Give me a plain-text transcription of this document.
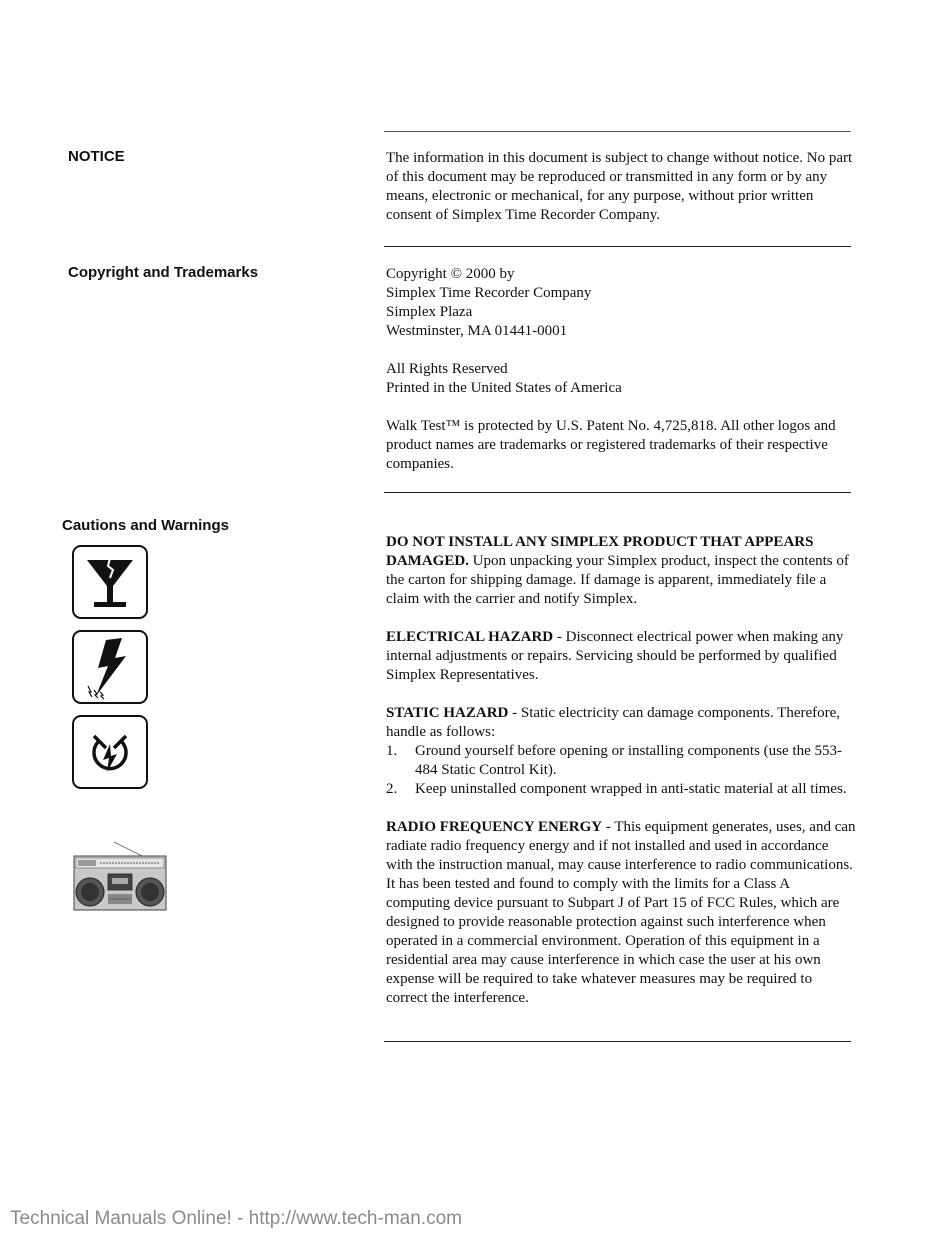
NOTICE	The information in this document is subject to change without notice. No part of this document may be reproduced or transmitted in any form or by any means, electronic or mechanical, for any purpose, without prior written consent of Simplex Time Recorder Company.

Copyright and Trademarks	Copyright © 2000 by

Simplex Time Recorder Company

Simplex Plaza

Westminster, MA 01441-0001

All Rights Reserved

Printed in the United States of America

Walk Test™ is protected by U.S. Patent No. 4,725,818. All other logos and product names are trademarks or registered trademarks of their respective companies.

Cautions and Warnings

DO NOT INSTALL ANY SIMPLEX PRODUCT THAT APPEARS DAMAGED. Upon unpacking your Simplex product, inspect the contents of the carton for shipping damage. If damage is apparent, immediately file a claim with the carrier and notify Simplex.

ELECTRICAL HAZARD - Disconnect electrical power when making any internal adjustments or repairs. Servicing should be performed by qualified Simplex Representatives.

STATIC HAZARD - Static electricity can damage components. Therefore, handle as follows:

1.	Ground yourself before opening or installing components (use the 553-484 Static Control Kit).
2.	Keep uninstalled component wrapped in anti-static material at all times.

RADIO FREQUENCY ENERGY - This equipment generates, uses, and can radiate radio frequency energy and if not installed and used in accordance with the instruction manual, may cause interference to radio communications. It has been tested and found to comply with the limits for a Class A computing device pursuant to Subpart J of Part 15 of FCC Rules, which are designed to provide reasonable protection against such interference when operated in a commercial environment. Operation of this equipment in a residential area may cause interference in which case the user at his own expense will be required to take whatever measures may be required to correct the interference.

Technical Manuals Online! - http://www.tech-man.com
